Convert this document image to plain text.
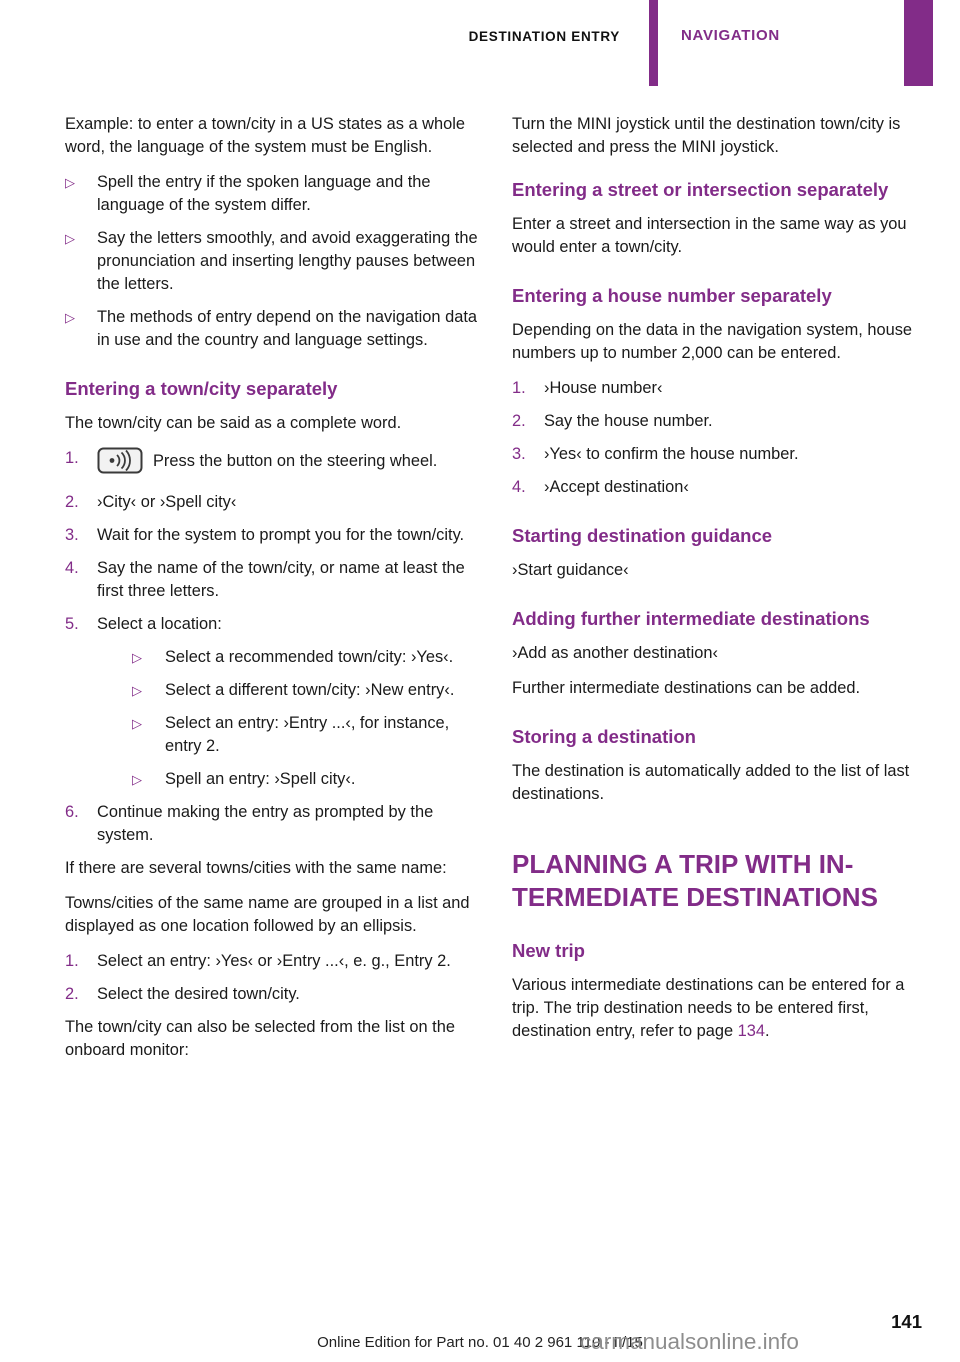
DESTINATION ENTRY	NAVIGATION

Example: to enter a town/city in a US states as a whole word, the language of the system must be English.

▷	Spell the entry if the spoken language and the language of the system differ.
▷	Say the letters smoothly, and avoid exaggerating the pronunciation and inserting lengthy pauses between the letters.
▷	The methods of entry depend on the navigation data in use and the country and language settings.
Entering a town/city separately

The town/city can be said as a complete word.

1.	Press the button on the steering wheel.
2.	›City‹ or ›Spell city‹
3.	Wait for the system to prompt you for the town/city.
4.	Say the name of the town/city, or name at least the first three letters.
5.	Select a location:
▷	Select a recommended town/city: ›Yes‹.
▷	Select a different town/city: ›New entry‹.
▷	Select an entry: ›Entry ...‹, for instance, entry 2.
▷	Spell an entry: ›Spell city‹.
6.	Continue making the entry as prompted by the system.

If there are several towns/cities with the same name:

Towns/cities of the same name are grouped in a list and displayed as one location followed by an ellipsis.

1.	Select an entry: ›Yes‹ or ›Entry ...‹, e. g., Entry 2.
2.	Select the desired town/city.

The town/city can also be selected from the list on the onboard monitor:

Turn the MINI joystick until the destination town/city is selected and press the MINI joystick.

Entering a street or intersection separately

Enter a street and intersection in the same way as you would enter a town/city.

Entering a house number separately

Depending on the data in the navigation system, house numbers up to number 2,000 can be entered.

1.	›House number‹
2.	Say the house number.
3.	›Yes‹ to confirm the house number.
4.	›Accept destination‹
Starting destination guidance

›Start guidance‹

Adding further intermediate destinations

›Add as another destination‹

Further intermediate destinations can be added.

Storing a destination

The destination is automatically added to the list of last destinations.

PLANNING A TRIP WITH IN-
TERMEDIATE DESTINATIONS
New trip

Various intermediate destinations can be entered for a trip. The trip destination needs to be entered first, destination entry, refer to page 134.

141
Online Edition for Part no. 01 40 2 961 110 - II/15
carmanualsonline.info
